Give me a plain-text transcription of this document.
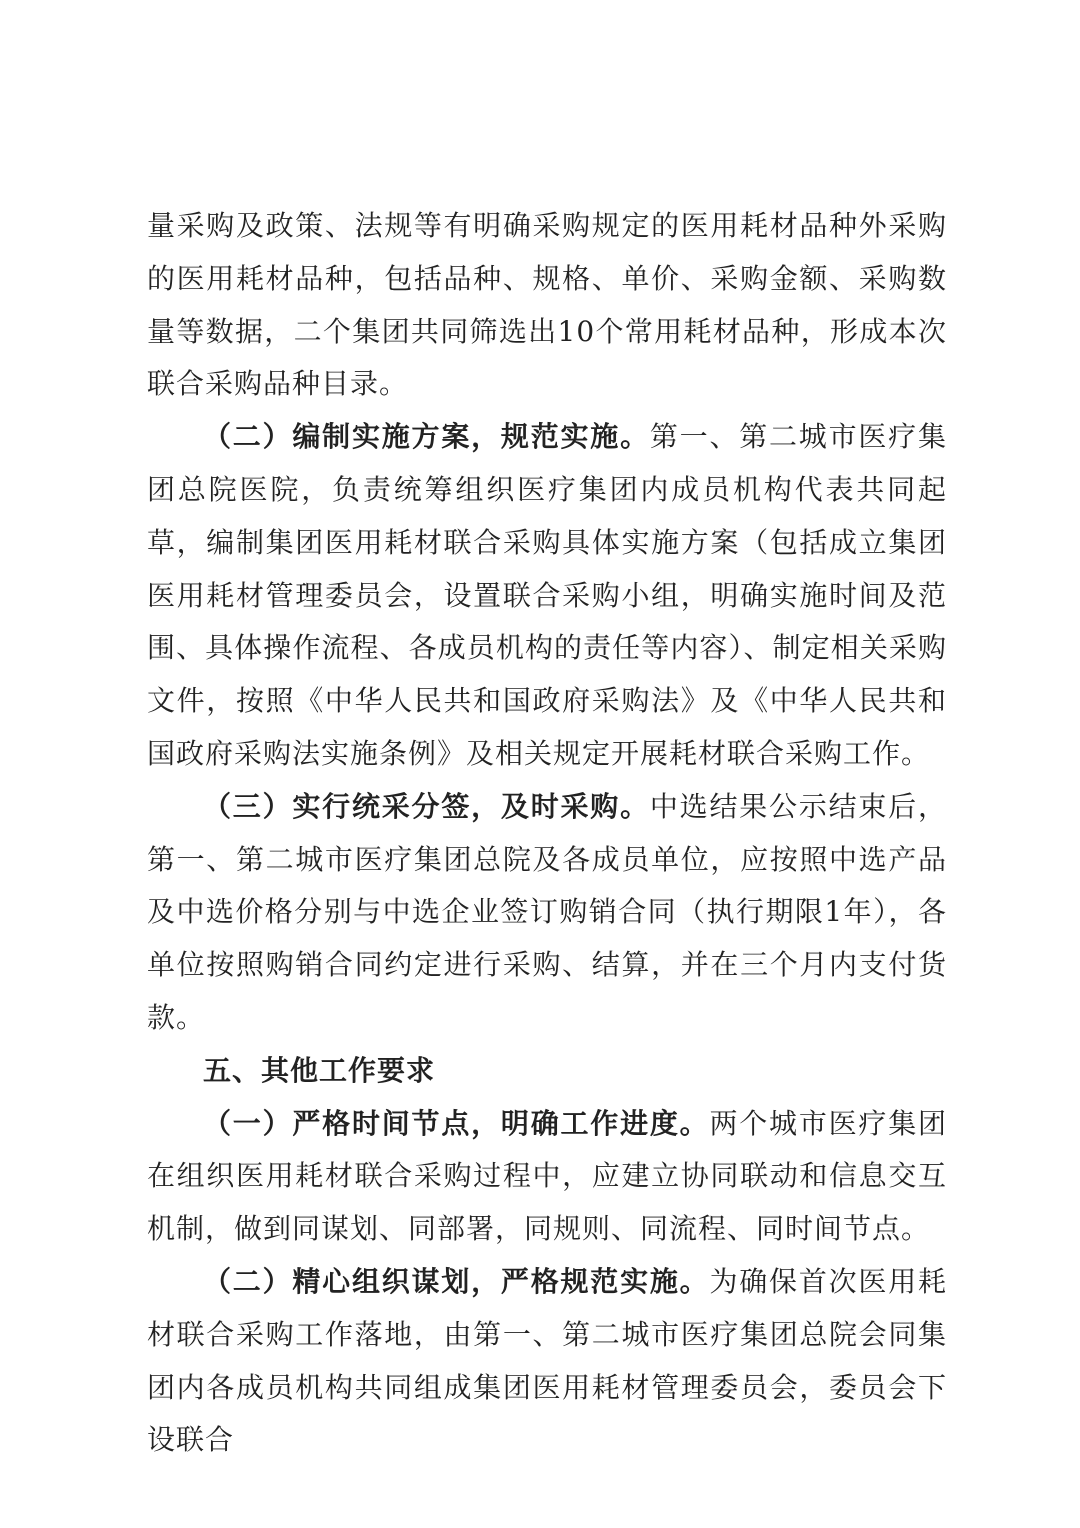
量采购及政策、法规等有明确采购规定的医用耗材品种外采购的医用耗材品种，包括品种、规格、单价、采购金额、采购数量等数据，二个集团共同筛选出10个常用耗材品种，形成本次联合采购品种目录。

（二）编制实施方案，规范实施。第一、第二城市医疗集团总院医院，负责统筹组织医疗集团内成员机构代表共同起草，编制集团医用耗材联合采购具体实施方案（包括成立集团医用耗材管理委员会，设置联合采购小组，明确实施时间及范围、具体操作流程、各成员机构的责任等内容）、制定相关采购文件，按照《中华人民共和国政府采购法》及《中华人民共和国政府采购法实施条例》及相关规定开展耗材联合采购工作。

（三）实行统采分签，及时采购。中选结果公示结束后，第一、第二城市医疗集团总院及各成员单位，应按照中选产品及中选价格分别与中选企业签订购销合同（执行期限1年），各单位按照购销合同约定进行采购、结算，并在三个月内支付货款。

五、其他工作要求

（一）严格时间节点，明确工作进度。两个城市医疗集团在组织医用耗材联合采购过程中，应建立协同联动和信息交互机制，做到同谋划、同部署，同规则、同流程、同时间节点。

（二）精心组织谋划，严格规范实施。为确保首次医用耗材联合采购工作落地，由第一、第二城市医疗集团总院会同集团内各成员机构共同组成集团医用耗材管理委员会，委员会下设联合
